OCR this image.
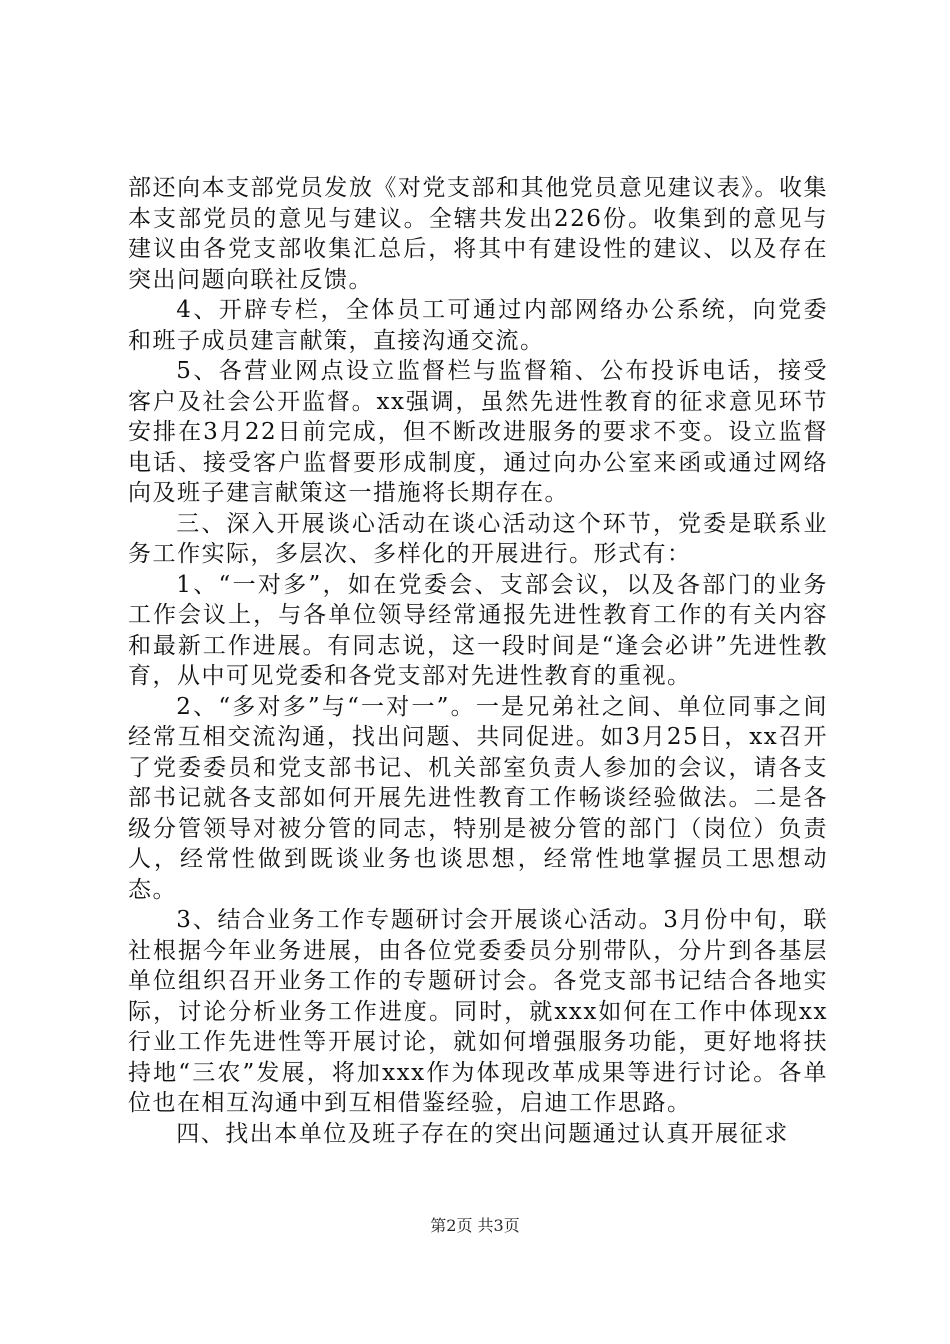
部还向本支部党员发放《对党支部和其他党员意见建议表》。收集本支部党员的意见与建议。全辖共发出226份。收集到的意见与建议由各党支部收集汇总后，将其中有建设性的建议、以及存在突出问题向联社反馈。

4、开辟专栏，全体员工可通过内部网络办公系统，向党委和班子成员建言献策，直接沟通交流。

5、各营业网点设立监督栏与监督箱、公布投诉电话，接受客户及社会公开监督。xx强调，虽然先进性教育的征求意见环节安排在3月22日前完成，但不断改进服务的要求不变。设立监督电话、接受客户监督要形成制度，通过向办公室来函或通过网络向及班子建言献策这一措施将长期存在。

三、深入开展谈心活动在谈心活动这个环节，党委是联系业务工作实际，多层次、多样化的开展进行。形式有：

1、“一对多”，如在党委会、支部会议，以及各部门的业务工作会议上，与各单位领导经常通报先进性教育工作的有关内容和最新工作进展。有同志说，这一段时间是“逢会必讲”先进性教育，从中可见党委和各党支部对先进性教育的重视。

2、“多对多”与“一对一”。一是兄弟社之间、单位同事之间经常互相交流沟通，找出问题、共同促进。如3月25日，xx召开了党委委员和党支部书记、机关部室负责人参加的会议，请各支部书记就各支部如何开展先进性教育工作畅谈经验做法。二是各级分管领导对被分管的同志，特别是被分管的部门（岗位）负责人，经常性做到既谈业务也谈思想，经常性地掌握员工思想动态。

3、结合业务工作专题研讨会开展谈心活动。3月份中旬，联社根据今年业务进展，由各位党委委员分别带队，分片到各基层单位组织召开业务工作的专题研讨会。各党支部书记结合各地实际，讨论分析业务工作进度。同时，就xxx如何在工作中体现xx行业工作先进性等开展讨论，就如何增强服务功能，更好地将扶持地“三农”发展，将加xxx作为体现改革成果等进行讨论。各单位也在相互沟通中到互相借鉴经验，启迪工作思路。

四、找出本单位及班子存在的突出问题通过认真开展征求

第2页 共3页
